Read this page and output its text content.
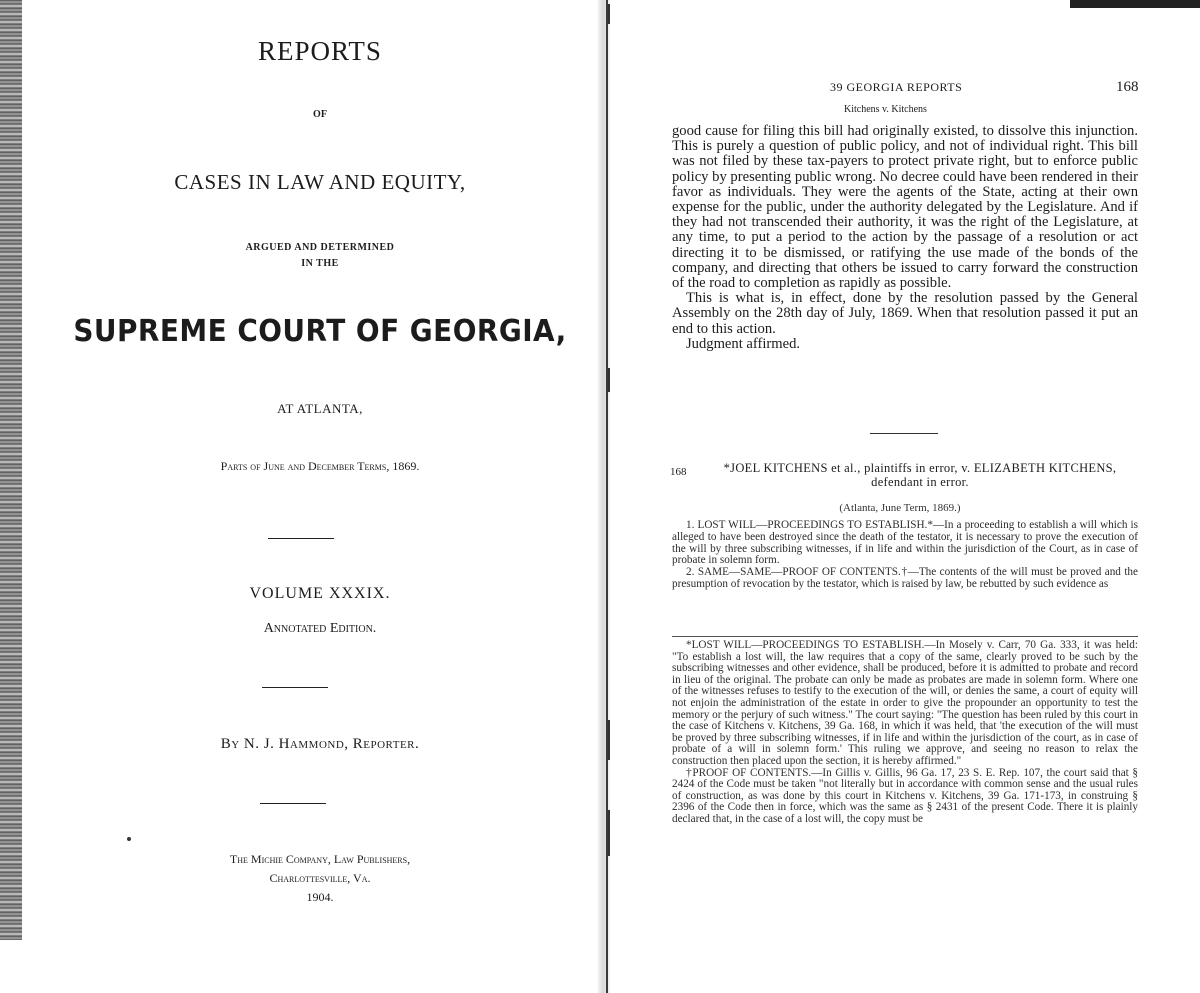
REPORTS
OF
CASES IN LAW AND EQUITY,
ARGUED AND DETERMINED
IN THE
SUPREME COURT OF GEORGIA,
AT ATLANTA,
Parts of June and December Terms, 1869.
VOLUME XXXIX.
Annotated Edition.
By N. J. Hammond, Reporter.
The Michie Company, Law Publishers,
Charlottesville, Va.
1904.
39 GEORGIA REPORTS	168
Kitchens v. Kitchens

good cause for filing this bill had originally existed, to dissolve this injunction. This is purely a question of public policy, and not of individual right. This bill was not filed by these tax-payers to protect private right, but to enforce public policy by presenting public wrong. No decree could have been rendered in their favor as individuals. They were the agents of the State, acting at their own expense for the public, under the authority delegated by the Legislature. And if they had not transcended their authority, it was the right of the Legislature, at any time, to put a period to the action by the passage of a resolution or act directing it to be dismissed, or ratifying the use made of the bonds of the company, and directing that others be issued to carry forward the construction of the road to completion as rapidly as possible.

This is what is, in effect, done by the resolution passed by the General Assembly on the 28th day of July, 1869. When that resolution passed it put an end to this action.

Judgment affirmed.

168	*JOEL KITCHENS et al., plaintiffs in error, v. ELIZABETH KITCHENS, defendant in error.
(Atlanta, June Term, 1869.)

1. LOST WILL—PROCEEDINGS TO ESTABLISH.*—In a proceeding to establish a will which is alleged to have been destroyed since the death of the testator, it is necessary to prove the execution of the will by three subscribing witnesses, if in life and within the jurisdiction of the Court, as in case of probate in solemn form.

2. SAME—SAME—PROOF OF CONTENTS.†—The contents of the will must be proved and the presumption of revocation by the testator, which is raised by law, be rebutted by such evidence as

*LOST WILL—PROCEEDINGS TO ESTABLISH.—In Mosely v. Carr, 70 Ga. 333, it was held: "To establish a lost will, the law requires that a copy of the same, clearly proved to be such by the subscribing witnesses and other evidence, shall be produced, before it is admitted to probate and record in lieu of the original. The probate can only be made as probates are made in solemn form. Where one of the witnesses refuses to testify to the execution of the will, or denies the same, a court of equity will not enjoin the administration of the estate in order to give the propounder an opportunity to test the memory or the perjury of such witness." The court saying: "The question has been ruled by this court in the case of Kitchens v. Kitchens, 39 Ga. 168, in which it was held, that 'the execution of the will must be proved by three subscribing witnesses, if in life and within the jurisdiction of the court, as in case of probate of a will in solemn form.' This ruling we approve, and seeing no reason to relax the construction then placed upon the section, it is hereby affirmed."

†PROOF OF CONTENTS.—In Gillis v. Gillis, 96 Ga. 17, 23 S. E. Rep. 107, the court said that § 2424 of the Code must be taken "not literally but in accordance with common sense and the usual rules of construction, as was done by this court in Kitchens v. Kitchens, 39 Ga. 171-173, in construing § 2396 of the Code then in force, which was the same as § 2431 of the present Code. There it is plainly declared that, in the case of a lost will, the copy must be
